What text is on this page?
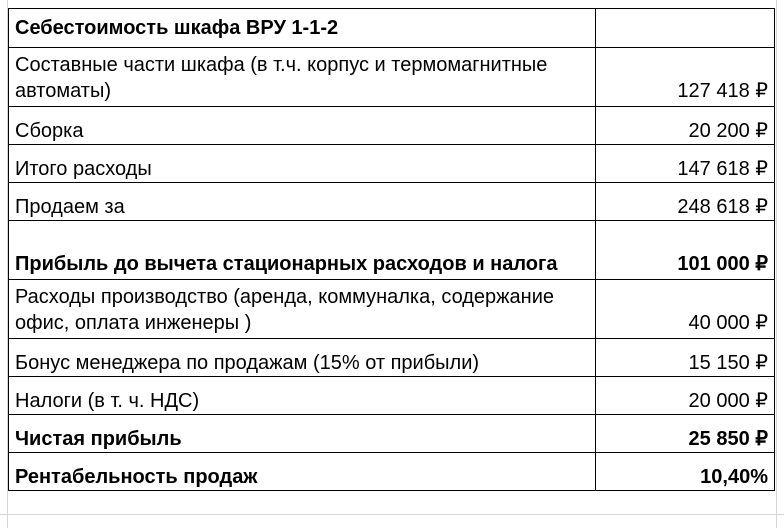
Себестоимость шкафа ВРУ 1-1-2	
Составные части шкафа (в т.ч. корпус и термомагнитные автоматы)	127 418 ₽
Сборка	20 200 ₽
Итого расходы	147 618 ₽
Продаем за	248 618 ₽
Прибыль до вычета стационарных расходов и налога	101 000 ₽
Расходы производство (аренда, коммуналка, содержание офис, оплата инженеры )	40 000 ₽
Бонус менеджера по продажам (15% от прибыли)	15 150 ₽
Налоги (в т. ч. НДС)	20 000 ₽
Чистая прибыль	25 850 ₽
Рентабельность продаж	10,40%
